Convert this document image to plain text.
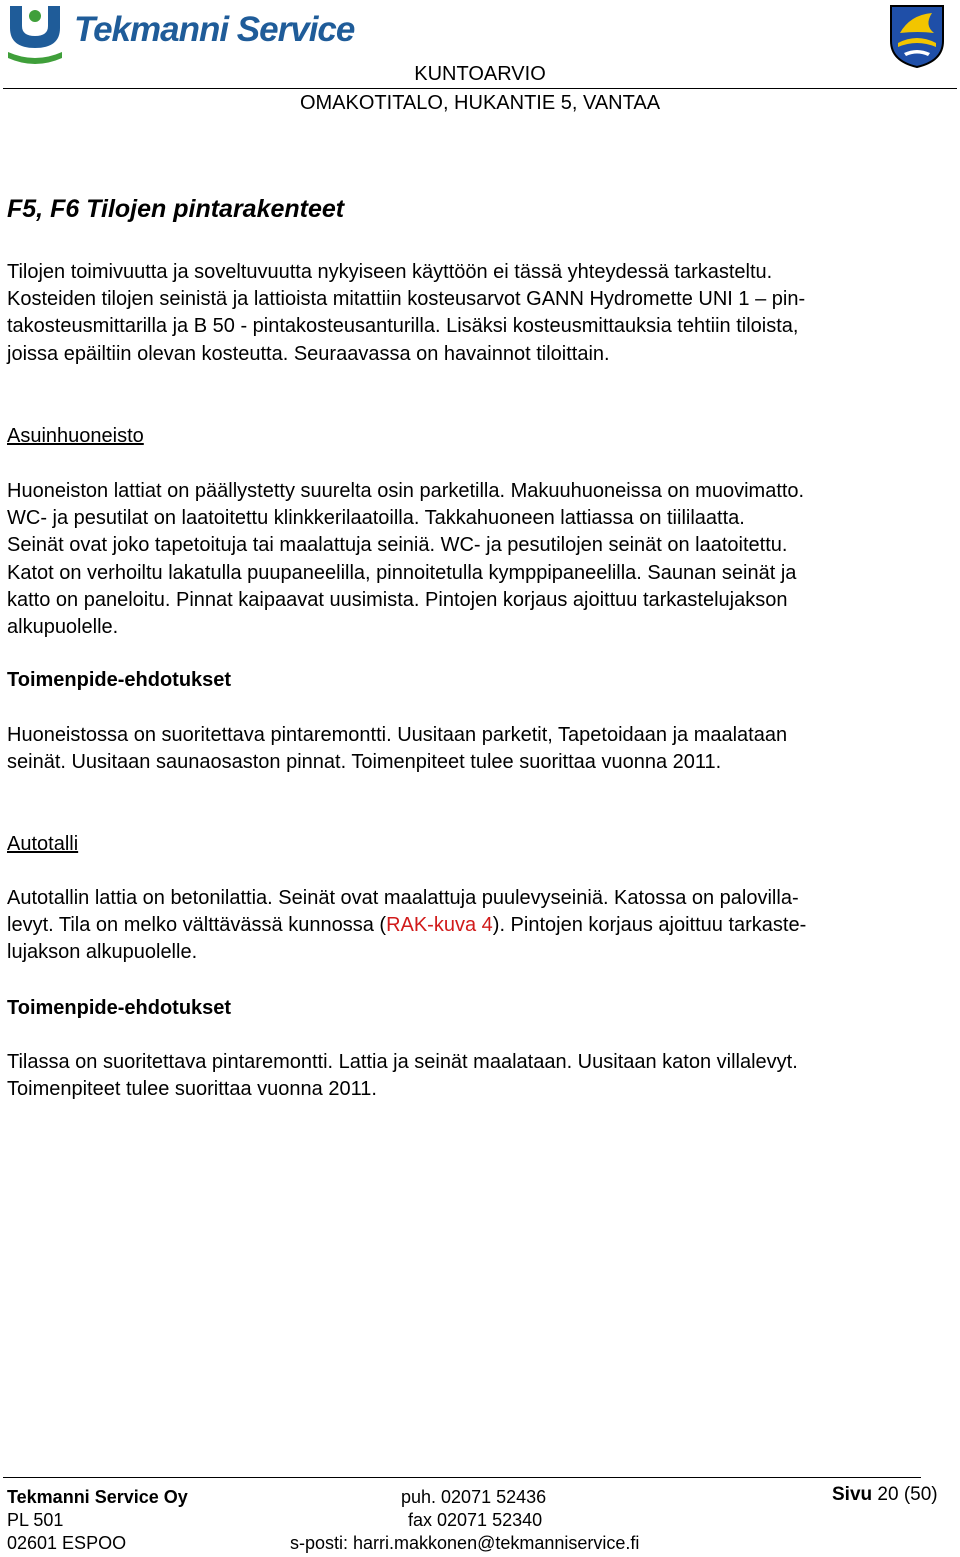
Tekmanni Service
KUNTOARVIO
OMAKOTITALO, HUKANTIE 5, VANTAA
F5, F6 Tilojen pintarakenteet
Tilojen toimivuutta ja soveltuvuutta nykyiseen käyttöön ei tässä yhteydessä tarkasteltu.
Kosteiden tilojen seinistä ja lattioista mitattiin kosteusarvot GANN Hydromette UNI 1 – pin-
takosteusmittarilla ja B 50 - pintakosteusanturilla. Lisäksi kosteusmittauksia tehtiin tiloista,
joissa epäiltiin olevan kosteutta. Seuraavassa on havainnot tiloittain.
Asuinhuoneisto
Huoneiston lattiat on päällystetty suurelta osin parketilla. Makuuhuoneissa on muovimatto.
WC- ja pesutilat on laatoitettu klinkkerilaatoilla. Takkahuoneen lattiassa on tiililaatta.
Seinät ovat joko tapetoituja tai maalattuja seiniä. WC- ja pesutilojen seinät on laatoitettu.
Katot on verhoiltu lakatulla puupaneelilla, pinnoitetulla kymppipaneelilla. Saunan seinät ja
katto on paneloitu. Pinnat kaipaavat uusimista. Pintojen korjaus ajoittuu tarkastelujakson
alkupuolelle.
Toimenpide-ehdotukset
Huoneistossa on suoritettava pintaremontti. Uusitaan parketit, Tapetoidaan ja maalataan
seinät. Uusitaan saunaosaston pinnat. Toimenpiteet tulee suorittaa vuonna 2011.
Autotalli
Autotallin lattia on betonilattia. Seinät ovat maalattuja puulevyseiniä. Katossa on palovilla-
levyt. Tila on melko välttävässä kunnossa (RAK-kuva 4). Pintojen korjaus ajoittuu tarkaste-
lujakson alkupuolelle.
Toimenpide-ehdotukset
Tilassa on suoritettava pintaremontti. Lattia ja seinät maalataan. Uusitaan katon villalevyt.
Toimenpiteet tulee suorittaa vuonna 2011.
Tekmanni Service Oy
PL 501
02601 ESPOO
puh. 02071 52436
fax 02071 52340
s-posti: harri.makkonen@tekmanniservice.fi
Sivu 20 (50)
